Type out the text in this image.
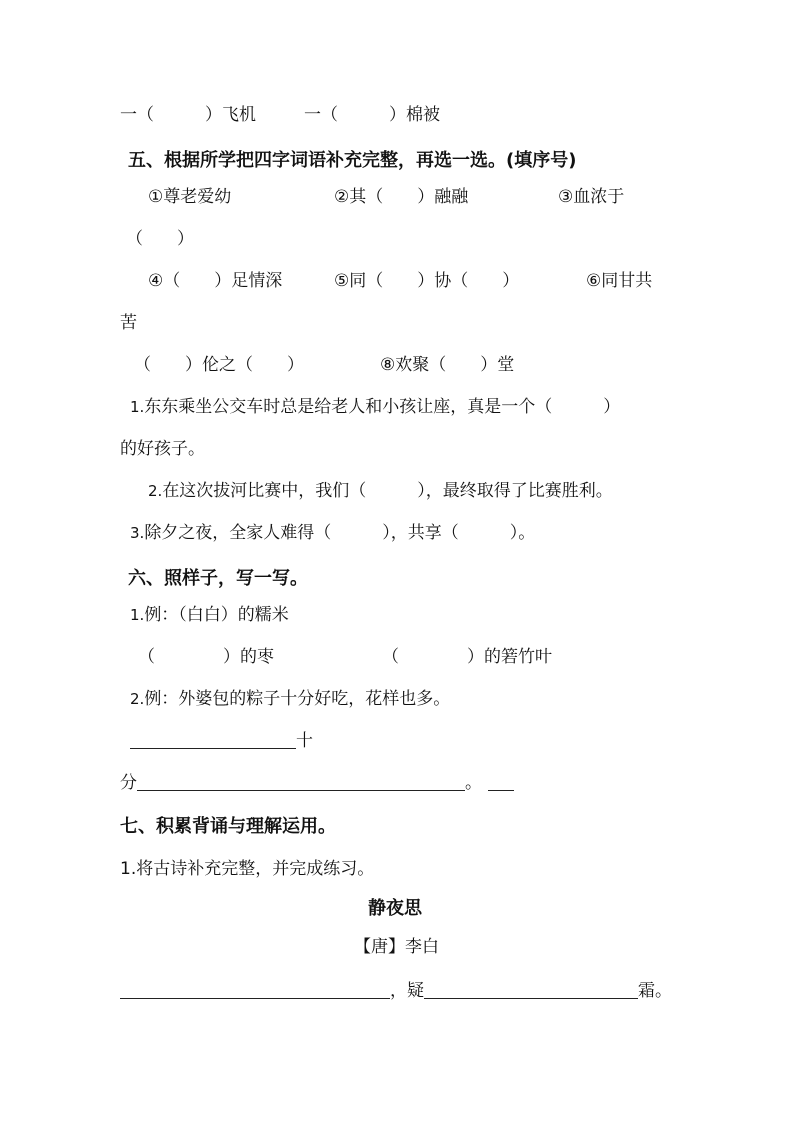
一（　　　）飞机	一（　　　）棉被
五、根据所学把四字词语补充完整，再选一选。(填序号)
①尊老爱幼	②其（　　）融融	③血浓于
（　　）
④（　　）足情深	⑤同（　　）协（　　）	⑥同甘共
苦
（　　）伦之（　　）	⑧欢聚（　　）堂
1.东东乘坐公交车时总是给老人和小孩让座，真是一个（　　　）
的好孩子。
2.在这次拔河比赛中，我们（　　　），最终取得了比赛胜利。
3.除夕之夜，全家人难得（　　　），共享（　　　）。
六、照样子，写一写。
1.例：（白白）的糯米
（　　　　）的枣	（　　　　）的箬竹叶
2.例：外婆包的粽子十分好吃，花样也多。
十
分	。
七、积累背诵与理解运用。
1.将古诗补充完整，并完成练习。
静夜思
【唐】李白
，疑	霜。
